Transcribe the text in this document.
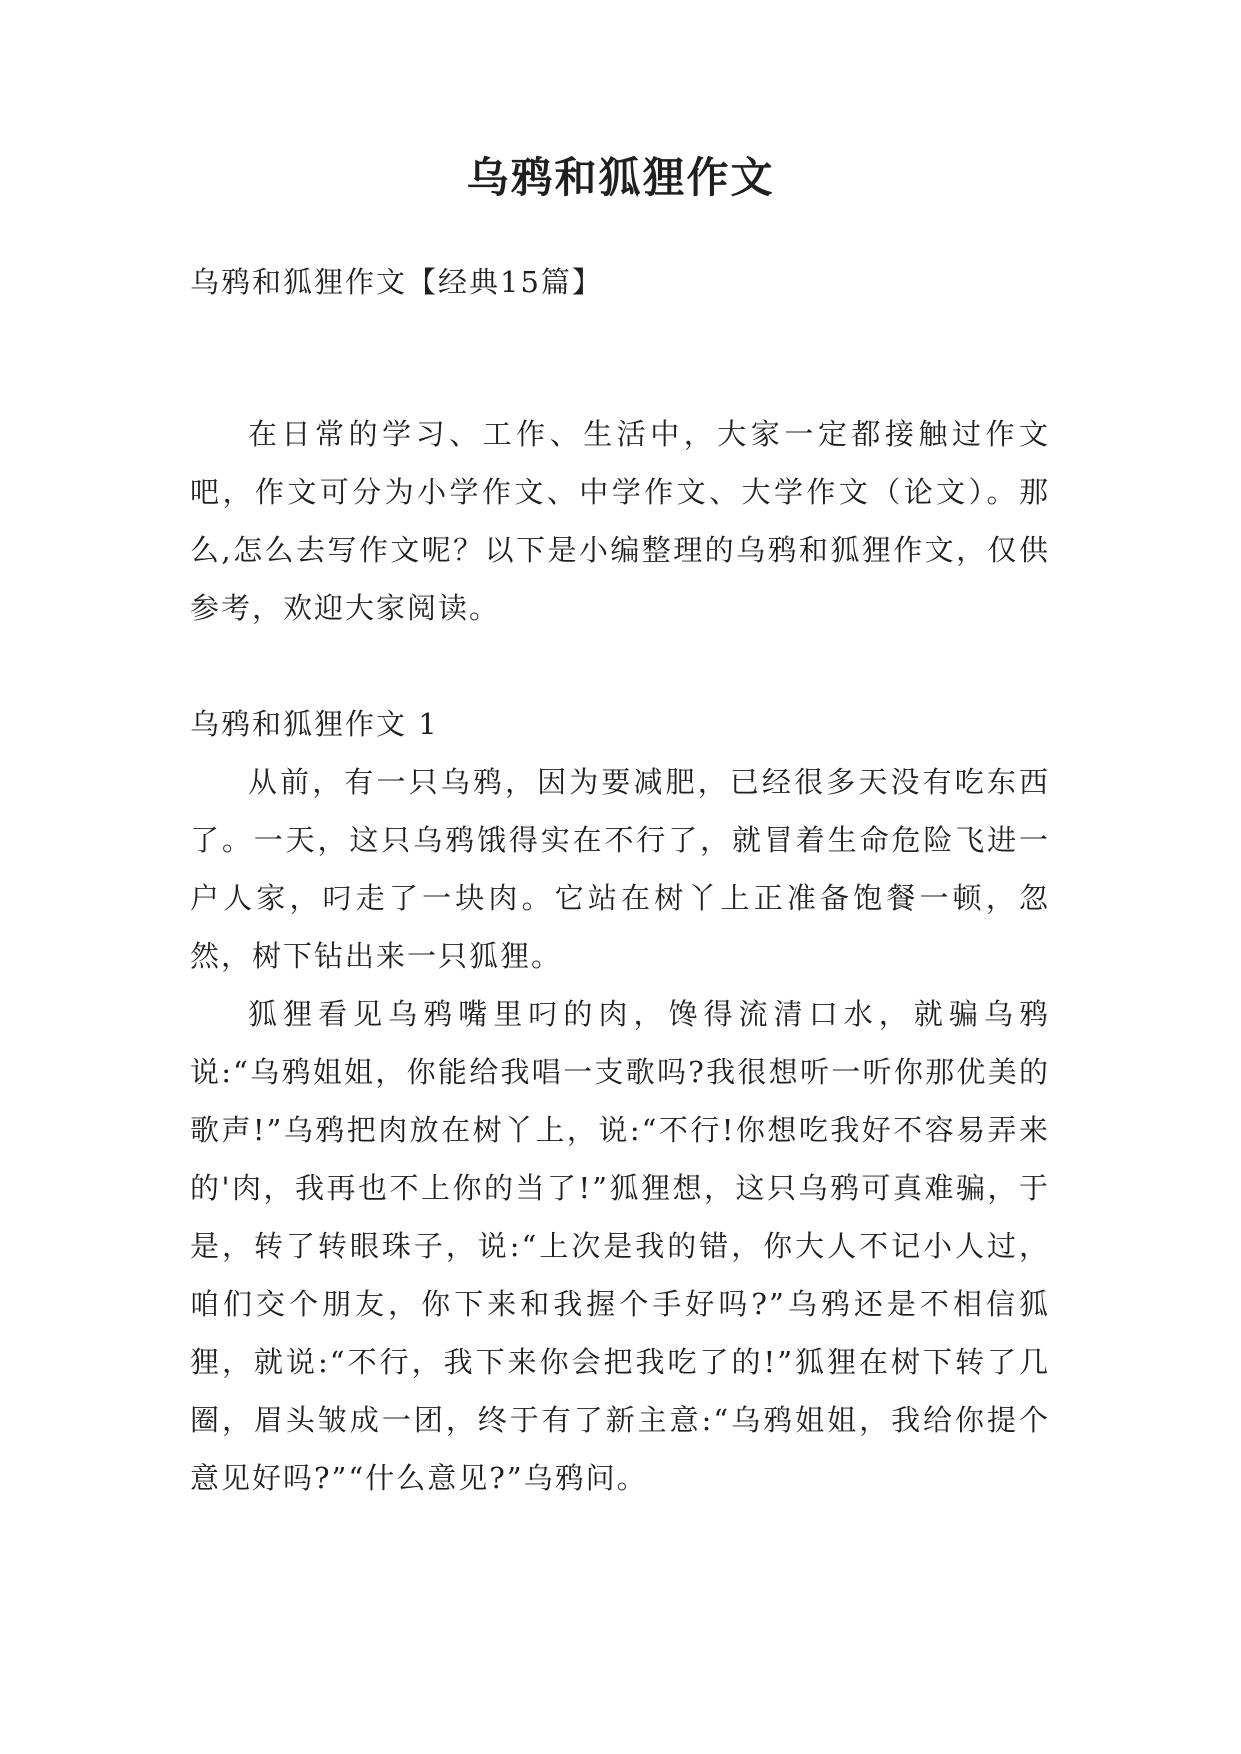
乌鸦和狐狸作文
乌鸦和狐狸作文【经典15篇】

在日常的学习、工作、生活中，大家一定都接触过作文吧，作文可分为小学作文、中学作文、大学作文（论文）。那么,怎么去写作文呢？以下是小编整理的乌鸦和狐狸作文，仅供参考，欢迎大家阅读。

乌鸦和狐狸作文 1

从前，有一只乌鸦，因为要减肥，已经很多天没有吃东西了。一天，这只乌鸦饿得实在不行了，就冒着生命危险飞进一户人家，叼走了一块肉。它站在树丫上正准备饱餐一顿，忽然，树下钻出来一只狐狸。

狐狸看见乌鸦嘴里叼的肉，馋得流清口水，就骗乌鸦说:“乌鸦姐姐，你能给我唱一支歌吗?我很想听一听你那优美的歌声!”乌鸦把肉放在树丫上，说:“不行!你想吃我好不容易弄来的'肉，我再也不上你的当了!”狐狸想，这只乌鸦可真难骗，于是，转了转眼珠子，说:“上次是我的错，你大人不记小人过，咱们交个朋友，你下来和我握个手好吗?”乌鸦还是不相信狐狸，就说:“不行，我下来你会把我吃了的!”狐狸在树下转了几圈，眉头皱成一团，终于有了新主意:“乌鸦姐姐，我给你提个意见好吗?”“什么意见?”乌鸦问。
